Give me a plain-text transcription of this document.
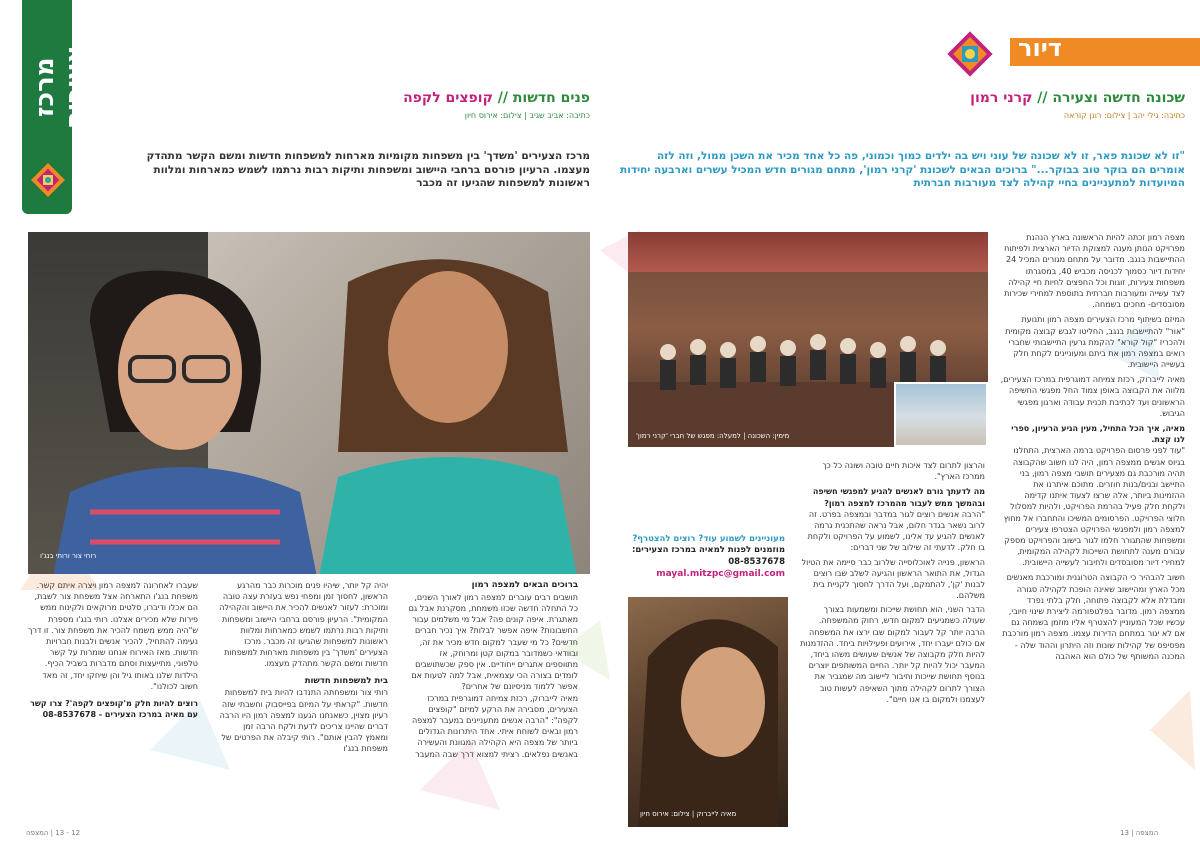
מרכז צעירים	פנים חדשות // קופצים לקפה
כתיבה: אביב שגיב | צילום: אירוס חיון
מרכז הצעירים 'משדך' בין משפחות מקומיות מארחות למשפחות חדשות ומשם הקשר מתהדק מעצמו. הרעיון פורסם ברחבי היישוב ומשפחות ותיקות רבות נרתמו לשמש כמארחות ומלוות ראשונות למשפחות שהגיעו זה מכבר
רוחי צור ורותי בנג'ו
ברוכים הבאים למצפה רמון
תושבים רבים עוברים למצפה רמון לאורך השנים, כל התחלה חדשה שכזו משמחת, מסקרנת אבל גם מאתגרת. איפה קונים פה? אבל מי משלמים עבור החשבונות? איפה אפשר לבלות? איך נכיר חברים חדשים? כל מי שעבר למקום חדש מכיר את זה, ובוודאי כשמדובר במקום קטן ומרוחק, אז מתווספים אתגרים ייחודיים. אין ספק שכשתושבים לומדים בצורה הכי עצמאית, אבל למה לטעות אם אפשר ללמוד מניסיונם של אחרים?
מאיה לייברוק, רכזת צמיחה דמוגרפית במרכז הצעירים, מסבירה את הרקע למיזם "קופצים לקפה": "הרבה אנשים מתעניינים במעבר למצפה רמון ובאים לשוחח איתי. אחד היתרונות הגדולים ביותר של מצפה היא הקהילה המגוונת והעשירה באנשים נפלאים. רציתי למצוא דרך שבה המעבר
יהיה קל יותר, שיהיו פנים מוכרות כבר מהרגע הראשון, לחסוך זמן ומפחי נפש בעזרת עצה טובה ומוכרת: לעזור לאנשים להכיר את היישוב והקהילה המקומית". הרעיון פורסם ברחבי היישוב ומשפחות ותיקות רבות נרתמו לשמש כמארחות ומלוות ראשונות למשפחות שהגיעו זה מכבר. מרכז הצעירים 'משדך' בין משפחות מארחות למשפחות חדשות ומשם הקשר מתהדק מעצמו.
בית למשפחות חדשות
רותי צור ומשפחתה התנדבו להיות בית למשפחות חדשות. "קראתי על המיזם בפייסבוק וחשבתי שזה רעיון מצוין, כשאנחנו הגענו למצפה רמון היו הרבה דברים שהיינו צריכים לדעת ולקח הרבה זמן ומאמץ להבין אותם". רותי קיבלה את הפרטים של משפחת בנג'ו
שעברו לאחרונה למצפה רמון ויצרה איתם קשר. משפחת בנג'ו התארחה אצל משפחת צור לשבת, הם אכלו ודיברו, סלטים מרוקאים ולקינוח ממש פירות שלא מכירים אצלנו. רותי בנג'ו מספרת ש"היה ממש משמח להכיר את משפחת צור. זו דרך נעימה להתחיל, להכיר אנשים ולבנות חברויות חדשות. מאז האירוח אנחנו שומרות על קשר טלפוני, מתייעצות וסתם מדברות בשביל הכיף. הילדות שלנו באותו גיל והן שיחקו יחד, זה מאד חשוב לכולנו".
רוצים להיות חלק מ'קופצים לקפה'? צרו קשר עם מאיה במרכז הצעירים - 08-8537678
12 - 13 | המצפה
דיור
שכונה חדשה וצעירה // קרני רמון
כתיבה: גילי יהב | צילום: רונן קוראה
"זו לא שכונת פאר, זו לא שכונה של עוני ויש בה ילדים כמוך וכמוני, פה כל אחד מכיר את השכן ממול, וזה לזה אומרים הם בוקר טוב בבוקר..." ברוכים הבאים לשכונת 'קרני רמון', מתחם מגורים חדש המכיל עשרים וארבעה יחידות המיועדות למתעניינים בחיי קהילה לצד מעורבות חברתית
מימין: השכונה | למעלה: מפגש של חברי 'קרני רמון'
מצפה רמון זכתה להיות הראשונה בארץ הנהנת מפרויקט הנותן מענה למצוקת הדיור הארצית ולפיתוח ההתיישבות בנגב. מדובר על מתחם מגורים המכיל 24 יחידות דיור כסמוך לכניסה מכביש 40, במסגרתו משפחות צעירות, זוגות וכל החפצים לחיות חיי קהילה לצד עשייה ומעורבות חברתית בתוספת למחירי שכירות מסובסדים- מחכים בשמחה.
המיזם בשיתוף מרכז הצעירים מצפה רמון ותנועת "אור" להתיישבות בנגב, החליטו לגבש קבוצה מקומית ולהכריז "קול קורא" להקמת גרעין התיישבותי שחברי רואים במצפה רמון את ביתם ומעוניינים לקחת חלק בעשייה היישובית.
מאיה לייברוק, רכזת צמיחה דמוגרפית במרכז הצעירים, מלווה את הקבוצה באופן צמוד החל מפגשי החשיפה הראשונים ועד לכתיבת תכנית עבודה וארגון מפגשי הגיבוש.
מאיה, איך הכל התחיל, מעין הגיע הרעיון, ספרי לנו קצת.
"עוד לפני פרסום הפרויקט ברמה הארצית, התחלנו בגיוס אנשים ממצפה רמון, היה לנו חשוב שהקבוצה תהיה מורכבת גם מצעירים תושבי מצפה רמון, בני התיישב ובנים/בנות חוזרים. מתוכם איתרנו את ההזמינות ביותר, אלה שרצו לצעוד איתנו קדימה ולקחת חלק פעיל בהרמת הפרויקט, ולהיות למסלול חלוצי הפרויקט. הפרסומים המשיכו והתחברו אל מחוץ למצפה רמון ולמפגשי הפרויקט הצטרפו צעירים ומשפחות שהתגורר חלמו לגור בישוב והפרויקט מספק עבורם מענה לתחושת השייכות לקהילה המקומית, למחירי דיור מסובסדים ולחיבור לעשייה היישובית.
חשוב להבהיר כי הקבוצה הטרוגנית ומורכבת מאנשים מכל הארץ ומהיישוב שאינה הופכת לקהילה סגורה ומבדלת אלא לקבוצה פתוחה, חלק בלתי נפרד ממצפה רמון. מדובר בפלטפורמה ליצירת שינוי חיובי, עכשיו שכל המעוניין להצטרף אליו מוזמן בשמחה גם אם לא יגור במתחם הדירות עצמו. מצפה רמון מורכבת מפסיפס של קהילות שונות וזה היתרון וההוד שלה - המכנה המשותף של כולם הוא האהבה
והרצון לתרום לצד איכות חיים טובה ושונה כל כך ממרכז הארץ".
מה לדעתך גורם לאנשים להגיע למפגשי חשיפה ובהמשך ממש לעבור מהמרכז למצפה רמון?
"הרבה אנשים רוצים לגור במדבר ובמצפה בפרט. זה לרוב נשאר בגדר חלום, אבל נראה שהתכנית גרמה לאנשים להגיע עד אלינו, לשמוע על הפרויקט ולקחת בו חלק. לדעתי זה שילוב של שני דברים:
הראשון, פנייה לאוכלוסייה שלרוב כבר סיימה את הטיול הגדול, את התואר הראשון והגיעה לשלב שבו רוצים לבנות 'קן', להתמקם, ועל הדרך לחסוך לקניית בית משלהם.
הדבר השני, הוא תחושת שייכות ומשמעות בצורך שעולה כשמגיעים למקום חדש, רחוק מהמשפחה. הרבה יותר קל לעבור למקום שבו ירצו את המשפחה אם כולם יעברו יחד, אירועים ופעילויות ביחד. ההזדמנות להיות חלק מקבוצה של אנשים שעושים משהו ביחד, המעבר יכול להיות קל יותר. החיים המשותפים יוצרים בנוסף תחושת שייכות וחיבור ליישוב מה שמגביר את הצורך לתרום לקהילה מתוך השאיפה לעשות טוב לעצמנו ולמקום בו אנו חיים".
מעוניינים לשמוע עוד? רוצים להצטרף?
מוזמנים לפנות למאיה במרכז הצעירים:
08-8537678
mayal.mitzpc@gmail.com
מאיה לייברוק | צילום: אירוס חיון
המצפה | 13
